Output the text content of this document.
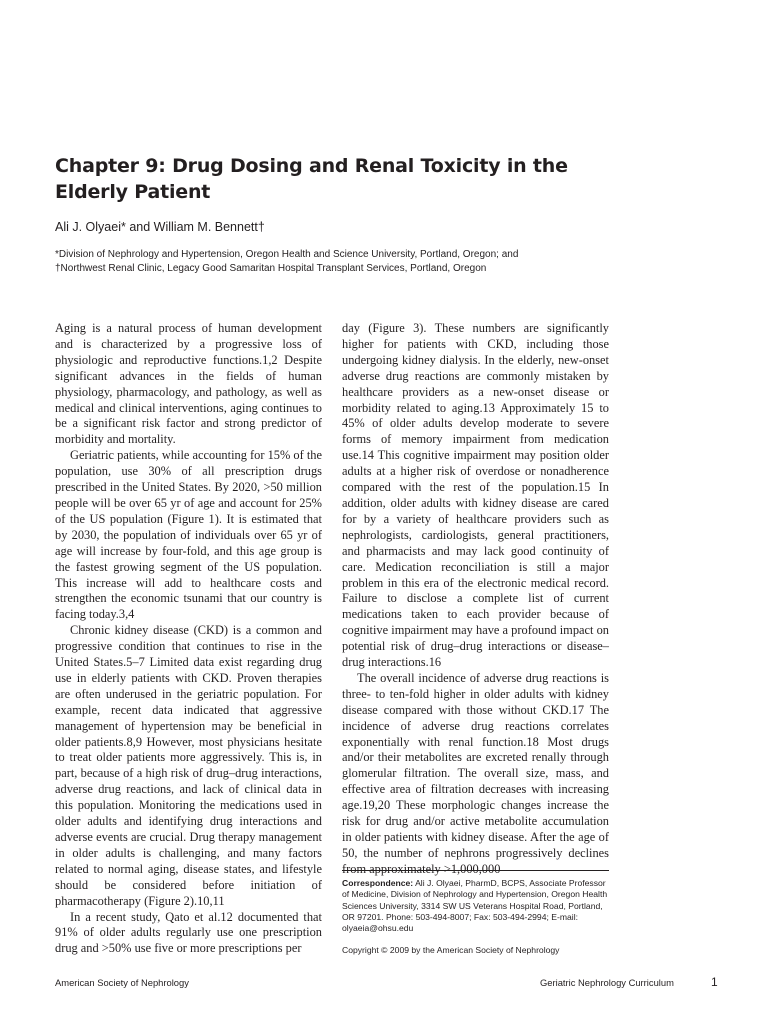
Chapter 9: Drug Dosing and Renal Toxicity in the Elderly Patient
Ali J. Olyaei* and William M. Bennett†
*Division of Nephrology and Hypertension, Oregon Health and Science University, Portland, Oregon; and
†Northwest Renal Clinic, Legacy Good Samaritan Hospital Transplant Services, Portland, Oregon

Aging is a natural process of human development and is characterized by a progressive loss of physiologic and reproductive functions.1,2 Despite significant advances in the fields of human physiology, pharmacology, and pathology, as well as medical and clinical interventions, aging continues to be a significant risk factor and strong predictor of morbidity and mortality.

Geriatric patients, while accounting for 15% of the population, use 30% of all prescription drugs prescribed in the United States. By 2020, >50 million people will be over 65 yr of age and account for 25% of the US population (Figure 1). It is estimated that by 2030, the population of individuals over 65 yr of age will increase by four-fold, and this age group is the fastest growing segment of the US population. This increase will add to healthcare costs and strengthen the economic tsunami that our country is facing today.3,4

Chronic kidney disease (CKD) is a common and progressive condition that continues to rise in the United States.5–7 Limited data exist regarding drug use in elderly patients with CKD. Proven therapies are often underused in the geriatric population. For example, recent data indicated that aggressive management of hypertension may be beneficial in older patients.8,9 However, most physicians hesitate to treat older patients more aggressively. This is, in part, because of a high risk of drug–drug interactions, adverse drug reactions, and lack of clinical data in this population. Monitoring the medications used in older adults and identifying drug interactions and adverse events are crucial. Drug therapy management in older adults is challenging, and many factors related to normal aging, disease states, and lifestyle should be considered before initiation of pharmacotherapy (Figure 2).10,11

In a recent study, Qato et al.12 documented that 91% of older adults regularly use one prescription drug and >50% use five or more prescriptions per

day (Figure 3). These numbers are significantly higher for patients with CKD, including those undergoing kidney dialysis. In the elderly, new-onset adverse drug reactions are commonly mistaken by healthcare providers as a new-onset disease or morbidity related to aging.13 Approximately 15 to 45% of older adults develop moderate to severe forms of memory impairment from medication use.14 This cognitive impairment may position older adults at a higher risk of overdose or nonadherence compared with the rest of the population.15 In addition, older adults with kidney disease are cared for by a variety of healthcare providers such as nephrologists, cardiologists, general practitioners, and pharmacists and may lack good continuity of care. Medication reconciliation is still a major problem in this era of the electronic medical record. Failure to disclose a complete list of current medications taken to each provider because of cognitive impairment may have a profound impact on potential risk of drug–drug interactions or disease–drug interactions.16

The overall incidence of adverse drug reactions is three- to ten-fold higher in older adults with kidney disease compared with those without CKD.17 The incidence of adverse drug reactions correlates exponentially with renal function.18 Most drugs and/or their metabolites are excreted renally through glomerular filtration. The overall size, mass, and effective area of filtration decreases with increasing age.19,20 These morphologic changes increase the risk for drug and/or active metabolite accumulation in older patients with kidney disease. After the age of 50, the number of nephrons progressively declines from approximately >1,000,000

Correspondence: Ali J. Olyaei, PharmD, BCPS, Associate Professor of Medicine, Division of Nephrology and Hypertension, Oregon Health Sciences University, 3314 SW US Veterans Hospital Road, Portland, OR 97201. Phone: 503-494-8007; Fax: 503-494-2994; E-mail: olyaeia@ohsu.edu
Copyright © 2009 by the American Society of Nephrology
American Society of Nephrology	Geriatric Nephrology Curriculum	1
